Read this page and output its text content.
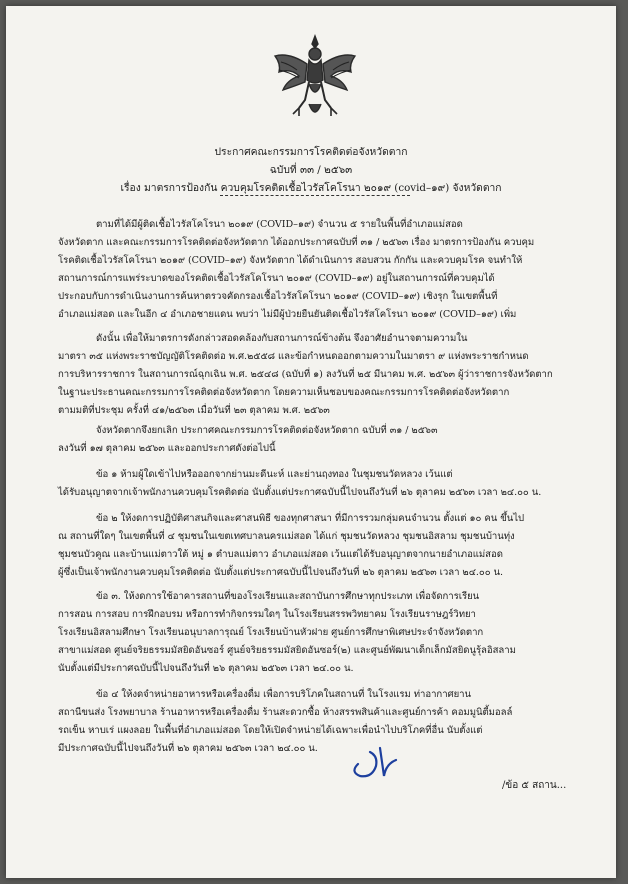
ประกาศคณะกรรมการโรคติดต่อจังหวัดตาก
ฉบับที่ ๓๓ / ๒๕๖๓
เรื่อง มาตรการป้องกัน ควบคุมโรคติดเชื้อไวรัสโคโรนา ๒๐๑๙ (covid–๑๙) จังหวัดตาก
ตามที่ได้มีผู้ติดเชื้อไวรัสโคโรนา ๒๐๑๙ (COVID–๑๙) จำนวน ๕ รายในพื้นที่อำเภอแม่สอด
จังหวัดตาก และคณะกรรมการโรคติดต่อจังหวัดตาก ได้ออกประกาศฉบับที่ ๓๑ / ๒๕๖๓ เรื่อง มาตรการป้องกัน ควบคุม
โรคติดเชื้อไวรัสโคโรนา ๒๐๑๙ (COVID–๑๙) จังหวัดตาก ได้ดำเนินการ สอบสวน กักกัน และควบคุมโรค จนทำให้
สถานการณ์การแพร่ระบาดของโรคติดเชื้อไวรัสโคโรนา ๒๐๑๙ (COVID–๑๙) อยู่ในสถานการณ์ที่ควบคุมได้
ประกอบกับการดำเนินงานการค้นหาตรวจคัดกรองเชื้อไวรัสโคโรนา ๒๐๑๙ (COVID–๑๙) เชิงรุก ในเขตพื้นที่
อำเภอแม่สอด และในอีก ๔ อำเภอชายแดน พบว่า ไม่มีผู้ป่วยยืนยันติดเชื้อไวรัสโคโรนา ๒๐๑๙ (COVID–๑๙) เพิ่ม
ดังนั้น เพื่อให้มาตรการดังกล่าวสอดคล้องกับสถานการณ์ข้างต้น จึงอาศัยอำนาจตามความใน
มาตรา ๓๕ แห่งพระราชบัญญัติโรคติดต่อ พ.ศ.๒๕๕๘ และข้อกำหนดออกตามความในมาตรา ๙ แห่งพระราชกำหนด
การบริหารราชการ ในสถานการณ์ฉุกเฉิน พ.ศ. ๒๕๔๘ (ฉบับที่ ๑) ลงวันที่ ๒๕ มีนาคม พ.ศ. ๒๕๖๓ ผู้ว่าราชการจังหวัดตาก
ในฐานะประธานคณะกรรมการโรคติดต่อจังหวัดตาก โดยความเห็นชอบของคณะกรรมการโรคติดต่อจังหวัดตาก
ตามมติที่ประชุม ครั้งที่ ๔๑/๒๕๖๓ เมื่อวันที่ ๒๓ ตุลาคม พ.ศ. ๒๕๖๓
จังหวัดตากจึงยกเลิก ประกาศคณะกรรมการโรคติดต่อจังหวัดตาก ฉบับที่ ๓๑ / ๒๕๖๓
ลงวันที่ ๑๗ ตุลาคม ๒๕๖๓ และออกประกาศดังต่อไปนี้
ข้อ ๑ ห้ามผู้ใดเข้าไปหรือออกจากย่านมะดีนะห์ และย่านฤงทอง ในชุมชนวัดหลวง เว้นแต่
ได้รับอนุญาตจากเจ้าพนักงานควบคุมโรคติดต่อ นับตั้งแต่ประกาศฉบับนี้ไปจนถึงวันที่ ๒๖ ตุลาคม ๒๕๖๓ เวลา ๒๔.๐๐ น.
ข้อ ๒ ให้งดการปฏิบัติศาสนกิจและศาสนพิธี ของทุกศาสนา ที่มีการรวมกลุ่มคนจำนวน ตั้งแต่ ๑๐ คน ขึ้นไป
ณ สถานที่ใดๆ ในเขตพื้นที่ ๔ ชุมชนในเขตเทศบาลนครแม่สอด ได้แก่ ชุมชนวัดหลวง ชุมชนอิสลาม ชุมชนบ้านทุ่ง
ชุมชนบัวคูณ และบ้านแม่ตาวใต้ หมู่ ๑ ตำบลแม่ตาว อำเภอแม่สอด เว้นแต่ได้รับอนุญาตจากนายอำเภอแม่สอด
ผู้ซึ่งเป็นเจ้าพนักงานควบคุมโรคติดต่อ นับตั้งแต่ประกาศฉบับนี้ไปจนถึงวันที่ ๒๖ ตุลาคม ๒๕๖๓ เวลา ๒๔.๐๐ น.
ข้อ ๓. ให้งดการใช้อาคารสถานที่ของโรงเรียนและสถาบันการศึกษาทุกประเภท เพื่อจัดการเรียน
การสอน การสอบ การฝึกอบรม หรือการทำกิจกรรมใดๆ ในโรงเรียนสรรพวิทยาคม โรงเรียนราษฎร์วิทยา
โรงเรียนอิสลามศึกษา โรงเรียนอนุบาลการุณย์ โรงเรียนบ้านหัวฝาย ศูนย์การศึกษาพิเศษประจำจังหวัดตาก
สาขาแม่สอด ศูนย์จริยธรรมมัสยิดอันซอร์ ศูนย์จริยธรรมมัสยิดอันซอร์(๒) และศูนย์พัฒนาเด็กเล็กมัสยิดนูรุ้ลอิสลาม
นับตั้งแต่มีประกาศฉบับนี้ไปจนถึงวันที่ ๒๖ ตุลาคม ๒๕๖๓ เวลา ๒๔.๐๐ น.
ข้อ ๔ ให้งดจำหน่ายอาหารหรือเครื่องดื่ม เพื่อการบริโภคในสถานที่ ในโรงแรม ท่าอากาศยาน
สถานีขนส่ง โรงพยาบาล ร้านอาหารหรือเครื่องดื่ม ร้านสะดวกซื้อ ห้างสรรพสินค้าและศูนย์การค้า คอมมูนิตี้มอลล์
รถเข็น หาบเร่ แผงลอย ในพื้นที่อำเภอแม่สอด โดยให้เปิดจำหน่ายได้เฉพาะเพื่อนำไปบริโภคที่อื่น นับตั้งแต่
มีประกาศฉบับนี้ไปจนถึงวันที่ ๒๖ ตุลาคม ๒๕๖๓ เวลา ๒๔.๐๐ น.
/ข้อ ๕ สถาน...
